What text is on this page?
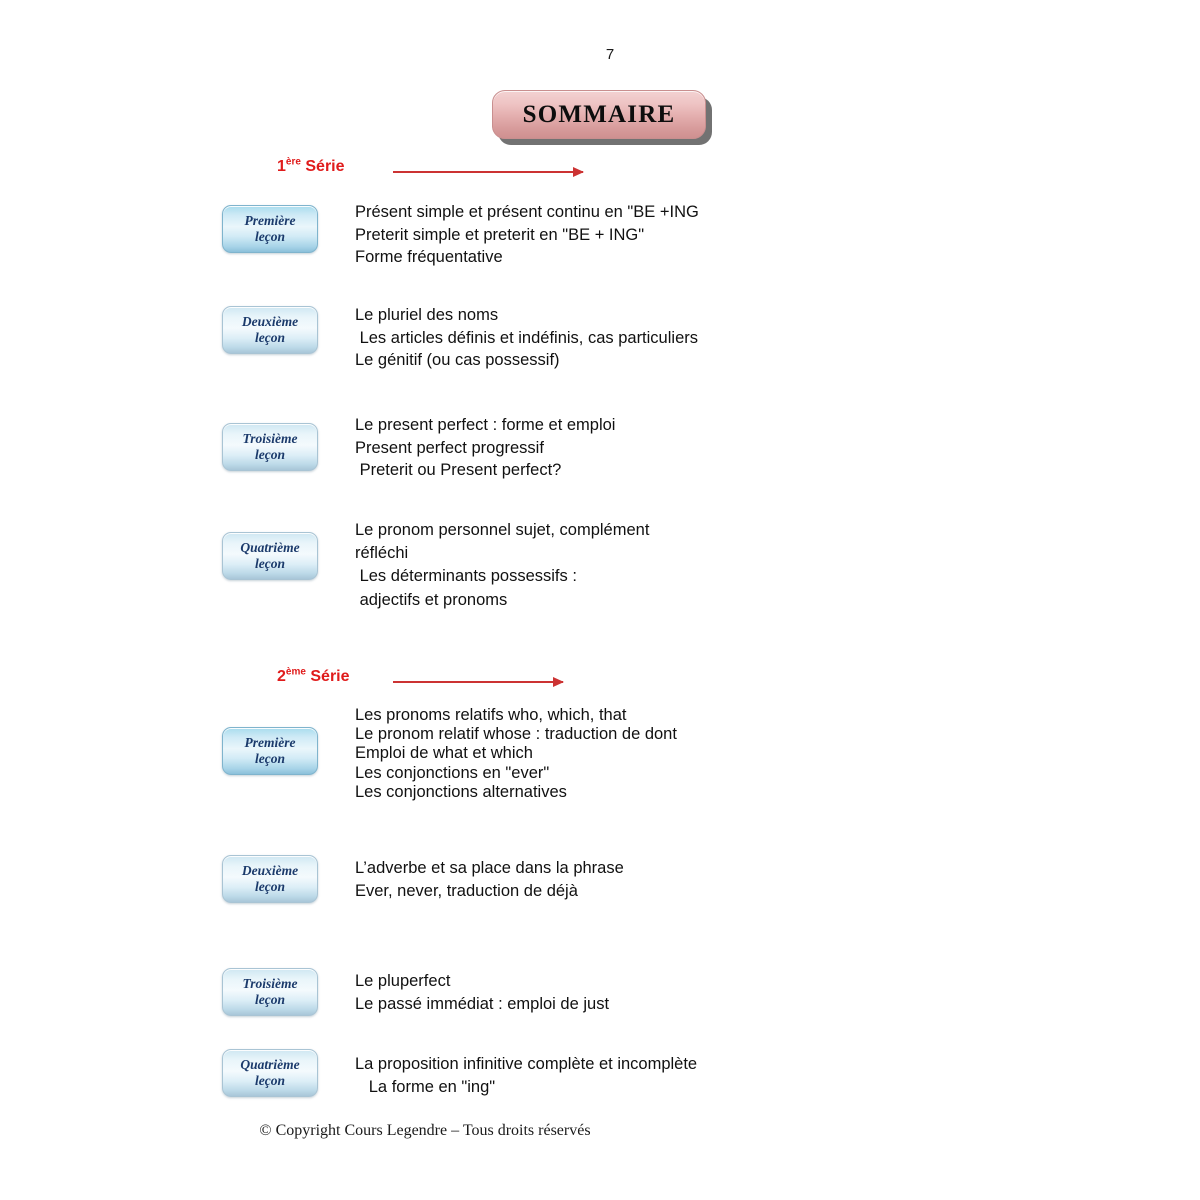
7
SOMMAIRE
1ère Série
Première
leçon
Présent simple et présent continu en "BE +ING
Preterit simple et preterit en "BE + ING"
Forme fréquentative
Deuxième
leçon
Le pluriel des noms
Les articles définis et indéfinis, cas particuliers
Le génitif (ou cas possessif)
Troisième
leçon
Le present perfect : forme et emploi
Present perfect progressif
Preterit ou Present perfect?
Quatrième
leçon
Le pronom personnel sujet, complément
réfléchi
Les déterminants possessifs :
adjectifs et pronoms
2ème Série
Première
leçon
Les pronoms relatifs who, which, that
Le pronom relatif whose : traduction de dont
Emploi de what et which
Les conjonctions en "ever"
Les conjonctions alternatives
Deuxième
leçon
L’adverbe et sa place dans la phrase
Ever, never, traduction de déjà
Troisième
leçon
Le pluperfect
Le passé immédiat : emploi de just
Quatrième
leçon
La proposition infinitive complète et incomplète
La forme en "ing"
© Copyright Cours Legendre – Tous droits réservés
